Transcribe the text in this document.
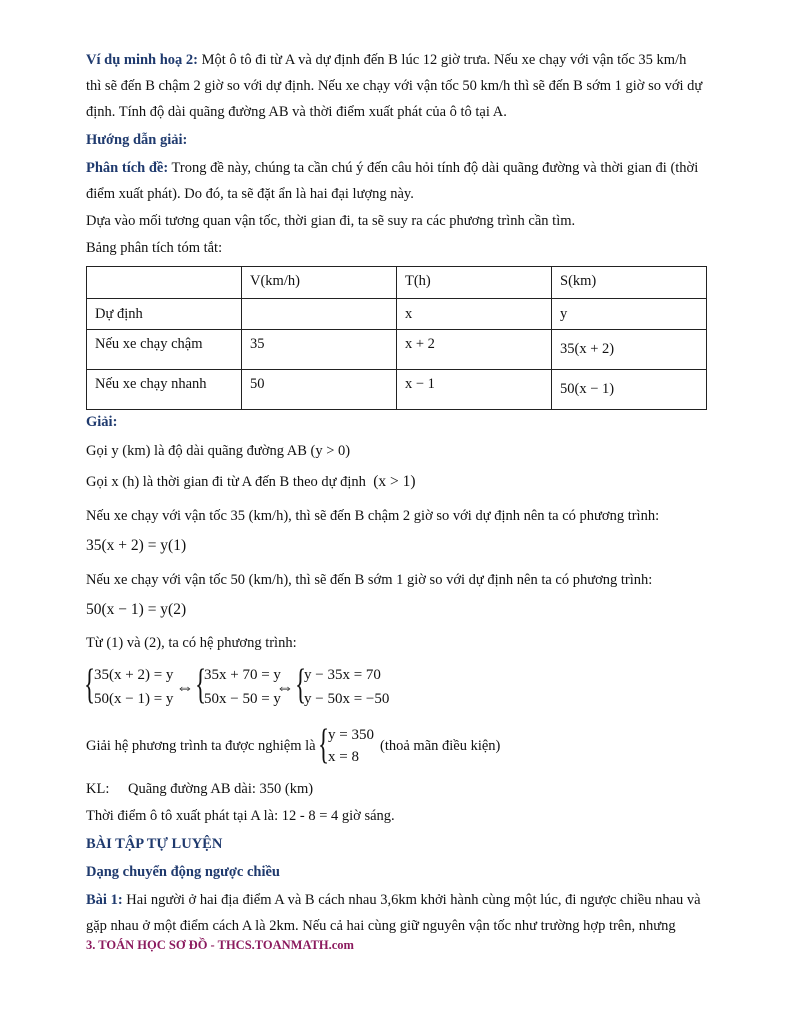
Ví dụ minh hoạ 2: Một ô tô đi từ A và dự định đến B lúc 12 giờ trưa. Nếu xe chạy với vận tốc 35 km/h
thì sẽ đến B chậm 2 giờ so với dự định. Nếu xe chạy với vận tốc 50 km/h thì sẽ đến B sớm 1 giờ so với dự
định. Tính độ dài quãng đường AB và thời điểm xuất phát của ô tô tại A.
Hướng dẫn giải:
Phân tích đề: Trong đề này, chúng ta cần chú ý đến câu hỏi tính độ dài quãng đường và thời gian đi (thời
điểm xuất phát). Do đó, ta sẽ đặt ẩn là hai đại lượng này.
Dựa vào mối tương quan vận tốc, thời gian đi, ta sẽ suy ra các phương trình cần tìm.
Bảng phân tích tóm tắt:
	V(km/h)	T(h)	S(km)
Dự định		x	y
Nếu xe chạy chậm	35	x + 2	35(x + 2)
Nếu xe chạy nhanh	50	x − 1	50(x − 1)
Giải:
Gọi y (km) là độ dài quãng đường AB (y > 0)
Gọi x (h) là thời gian đi từ A đến B theo dự định (x > 1)
Nếu xe chạy với vận tốc 35 (km/h), thì sẽ đến B chậm 2 giờ so với dự định nên ta có phương trình:
35(x + 2) = y(1)
Nếu xe chạy với vận tốc 50 (km/h), thì sẽ đến B sớm 1 giờ so với dự định nên ta có phương trình:
50(x − 1) = y(2)
Từ (1) và (2), ta có hệ phương trình:
{
35(x + 2) = y
50(x − 1) = y
⇔ {
35x + 70 = y
50x − 50 = y
⇔ {
y − 35x = 70
y − 50x = −50
Giải hệ phương trình ta được nghiệm là {
y = 350
x = 8
(thoả mãn điều kiện)
KL:	Quãng đường AB dài: 350 (km)
Thời điểm ô tô xuất phát tại A là: 12 - 8 = 4 giờ sáng.
BÀI TẬP TỰ LUYỆN
Dạng chuyển động ngược chiều
Bài 1: Hai người ở hai địa điểm A và B cách nhau 3,6km khởi hành cùng một lúc, đi ngược chiều nhau và
gặp nhau ở một điểm cách A là 2km. Nếu cả hai cùng giữ nguyên vận tốc như trường hợp trên, nhưng
3. TOÁN HỌC SƠ ĐỒ - THCS.TOANMATH.com
